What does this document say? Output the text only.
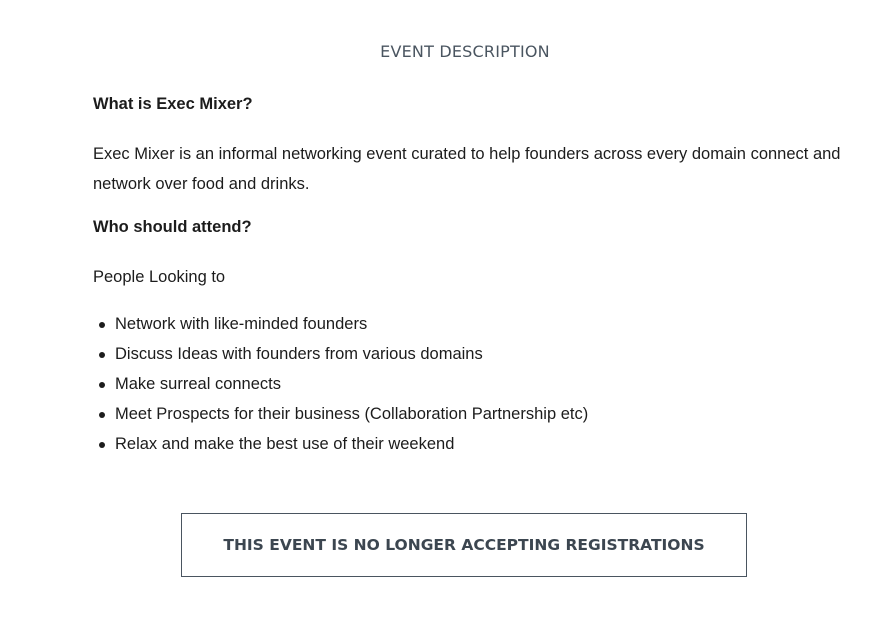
EVENT DESCRIPTION

What is Exec Mixer?

Exec Mixer is an informal networking event curated to help founders across every domain connect and network over food and drinks.

Who should attend?

People Looking to

Network with like-minded founders
Discuss Ideas with founders from various domains
Make surreal connects
Meet Prospects for their business (Collaboration Partnership etc)
Relax and make the best use of their weekend
THIS EVENT IS NO LONGER ACCEPTING REGISTRATIONS
